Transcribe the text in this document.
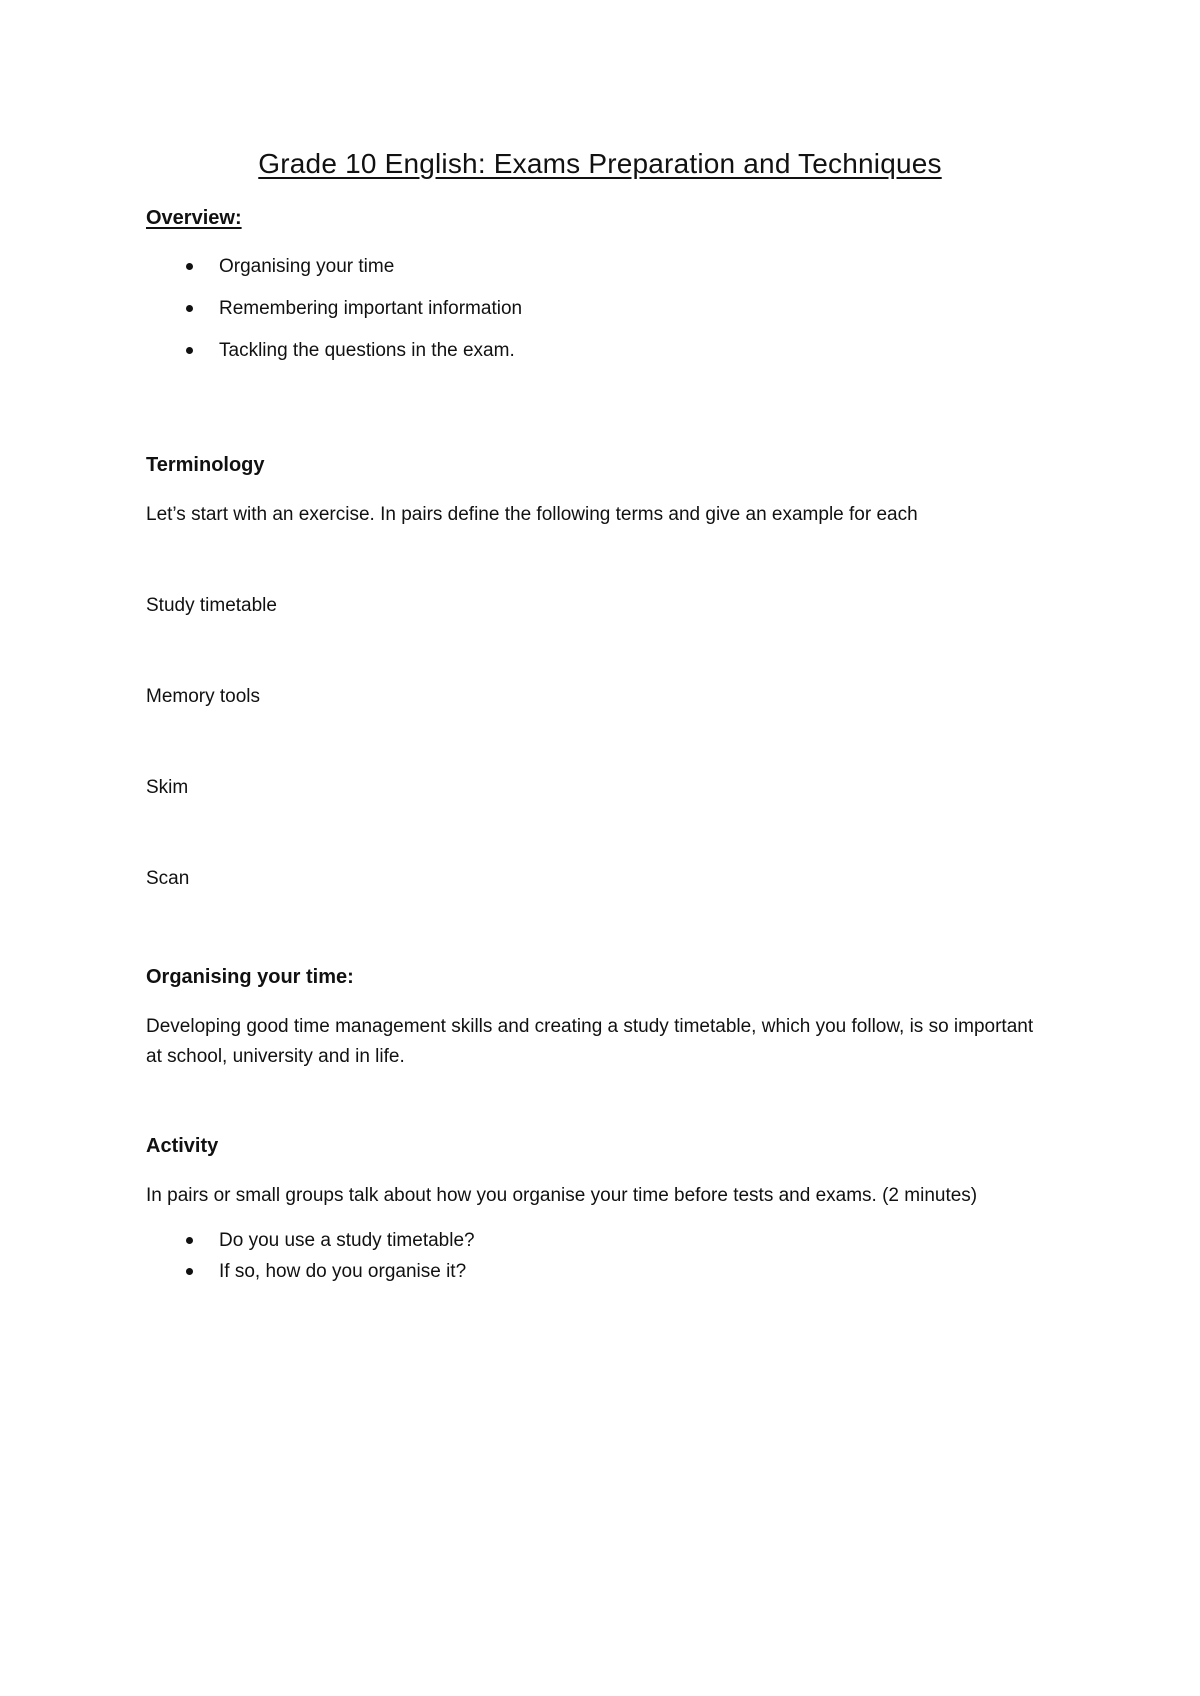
Grade 10 English: Exams Preparation and Techniques
Overview:
Organising your time
Remembering important information
Tackling the questions in the exam.
Terminology

Let’s start with an exercise. In pairs define the following terms and give an example for each

Study timetable

Memory tools

Skim

Scan

Organising your time:

Developing good time management skills and creating a study timetable, which you follow, is so important at school, university and in life.

Activity

In pairs or small groups talk about how you organise your time before tests and exams. (2 minutes)

Do you use a study timetable?
If so, how do you organise it?
